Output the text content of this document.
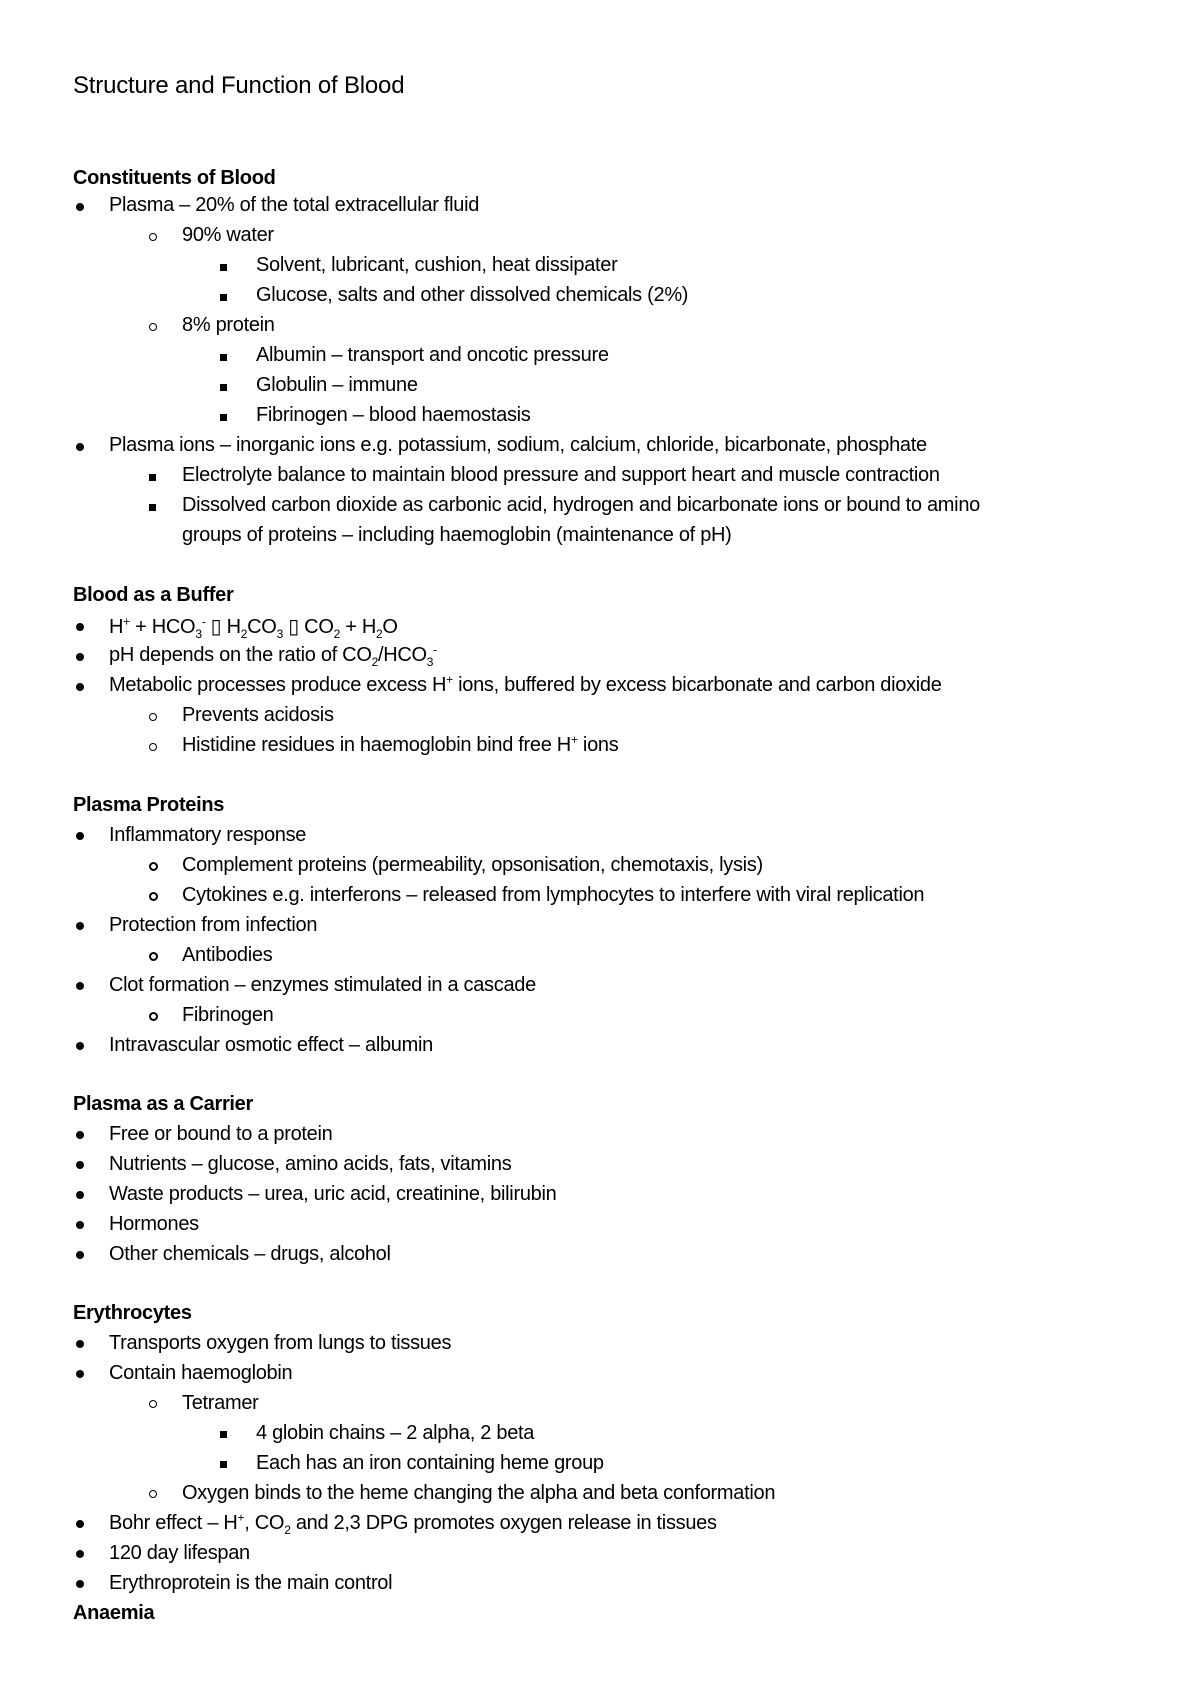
Structure and Function of Blood
Constituents of Blood
Plasma – 20% of the total extracellular fluid
90% water
Solvent, lubricant, cushion, heat dissipater
Glucose, salts and other dissolved chemicals (2%)
8% protein
Albumin – transport and oncotic pressure
Globulin – immune
Fibrinogen – blood haemostasis
Plasma ions – inorganic ions e.g. potassium, sodium, calcium, chloride, bicarbonate, phosphate
Electrolyte balance to maintain blood pressure and support heart and muscle contraction
Dissolved carbon dioxide as carbonic acid, hydrogen and bicarbonate ions or bound to amino
groups of proteins – including haemoglobin (maintenance of pH)
Blood as a Buffer
$H^+ + HCO_3^-$ ▯ $H_2CO_3$ ▯ $CO_2 + H_2O$
pH depends on the ratio of $CO_2/HCO_3^-$
Metabolic processes produce excess H+ ions, buffered by excess bicarbonate and carbon dioxide
Prevents acidosis
Histidine residues in haemoglobin bind free H+ ions
Plasma Proteins
Inflammatory response
Complement proteins (permeability, opsonisation, chemotaxis, lysis)
Cytokines e.g. interferons – released from lymphocytes to interfere with viral replication
Protection from infection
Antibodies
Clot formation – enzymes stimulated in a cascade
Fibrinogen
Intravascular osmotic effect – albumin
Plasma as a Carrier
Free or bound to a protein
Nutrients – glucose, amino acids, fats, vitamins
Waste products – urea, uric acid, creatinine, bilirubin
Hormones
Other chemicals – drugs, alcohol
Erythrocytes
Transports oxygen from lungs to tissues
Contain haemoglobin
Tetramer
4 globin chains – 2 alpha, 2 beta
Each has an iron containing heme group
Oxygen binds to the heme changing the alpha and beta conformation
Bohr effect – H+, $CO_2$ and 2,3 DPG promotes oxygen release in tissues
120 day lifespan
Erythroprotein is the main control
Anaemia
